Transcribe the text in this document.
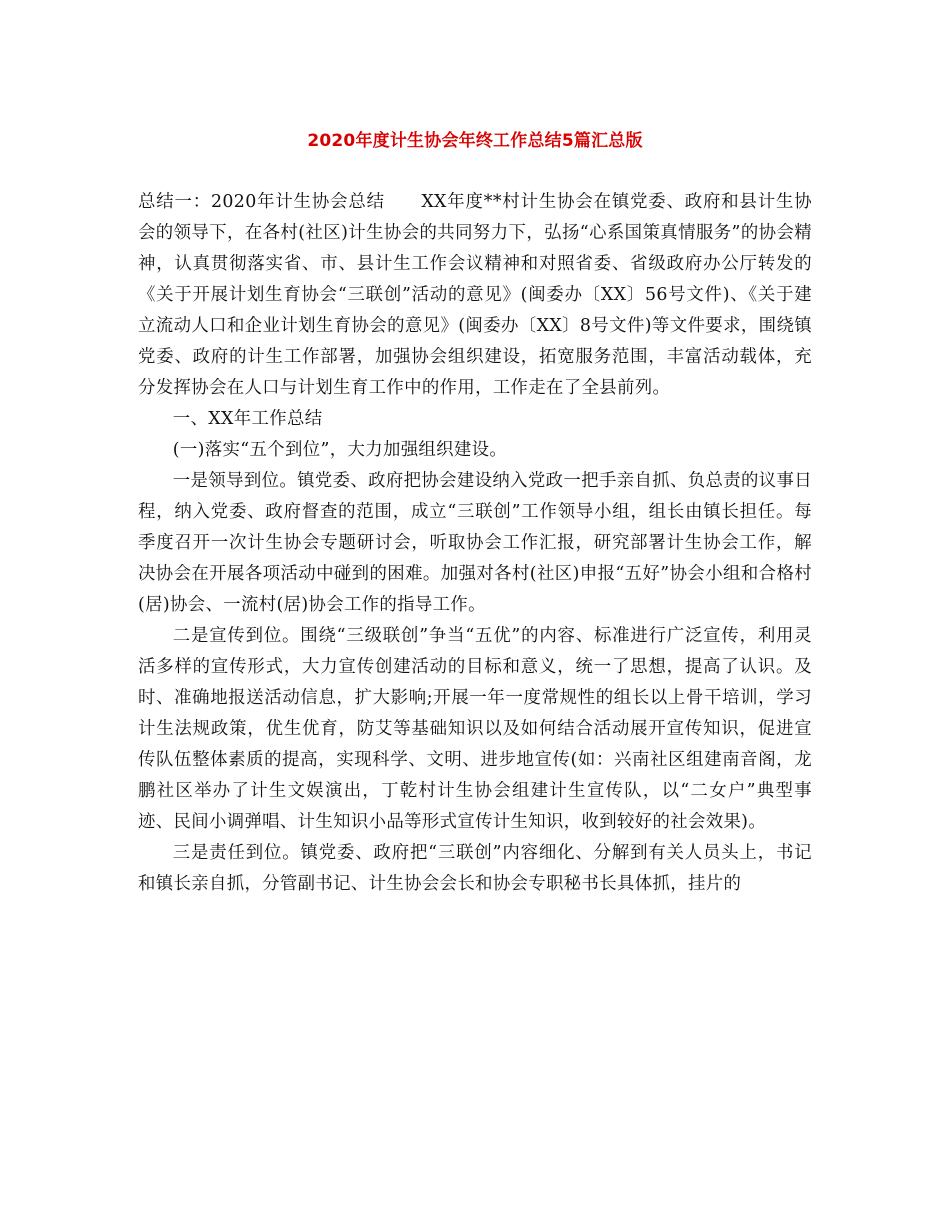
2020年度计生协会年终工作总结5篇汇总版

总结一：2020年计生协会总结　　XX年度**村计生协会在镇党委、政府和县计生协会的领导下，在各村(社区)计生协会的共同努力下，弘扬“心系国策真情服务”的协会精神，认真贯彻落实省、市、县计生工作会议精神和对照省委、省级政府办公厅转发的《关于开展计划生育协会“三联创”活动的意见》(闽委办〔XX〕56号文件)、《关于建立流动人口和企业计划生育协会的意见》(闽委办〔XX〕8号文件)等文件要求，围绕镇党委、政府的计生工作部署，加强协会组织建设，拓宽服务范围，丰富活动载体，充分发挥协会在人口与计划生育工作中的作用，工作走在了全县前列。

一、XX年工作总结

(一)落实“五个到位”，大力加强组织建设。

一是领导到位。镇党委、政府把协会建设纳入党政一把手亲自抓、负总责的议事日程，纳入党委、政府督查的范围，成立“三联创”工作领导小组，组长由镇长担任。每季度召开一次计生协会专题研讨会，听取协会工作汇报，研究部署计生协会工作，解决协会在开展各项活动中碰到的困难。加强对各村(社区)申报“五好”协会小组和合格村(居)协会、一流村(居)协会工作的指导工作。

二是宣传到位。围绕“三级联创”争当“五优”的内容、标准进行广泛宣传，利用灵活多样的宣传形式，大力宣传创建活动的目标和意义，统一了思想，提高了认识。及时、准确地报送活动信息，扩大影响;开展一年一度常规性的组长以上骨干培训，学习计生法规政策，优生优育，防艾等基础知识以及如何结合活动展开宣传知识，促进宣传队伍整体素质的提高，实现科学、文明、进步地宣传(如：兴南社区组建南音阁，龙鹏社区举办了计生文娱演出，丁乾村计生协会组建计生宣传队，以“二女户”典型事迹、民间小调弹唱、计生知识小品等形式宣传计生知识，收到较好的社会效果)。

三是责任到位。镇党委、政府把“三联创”内容细化、分解到有关人员头上，书记和镇长亲自抓，分管副书记、计生协会会长和协会专职秘书长具体抓，挂片的
